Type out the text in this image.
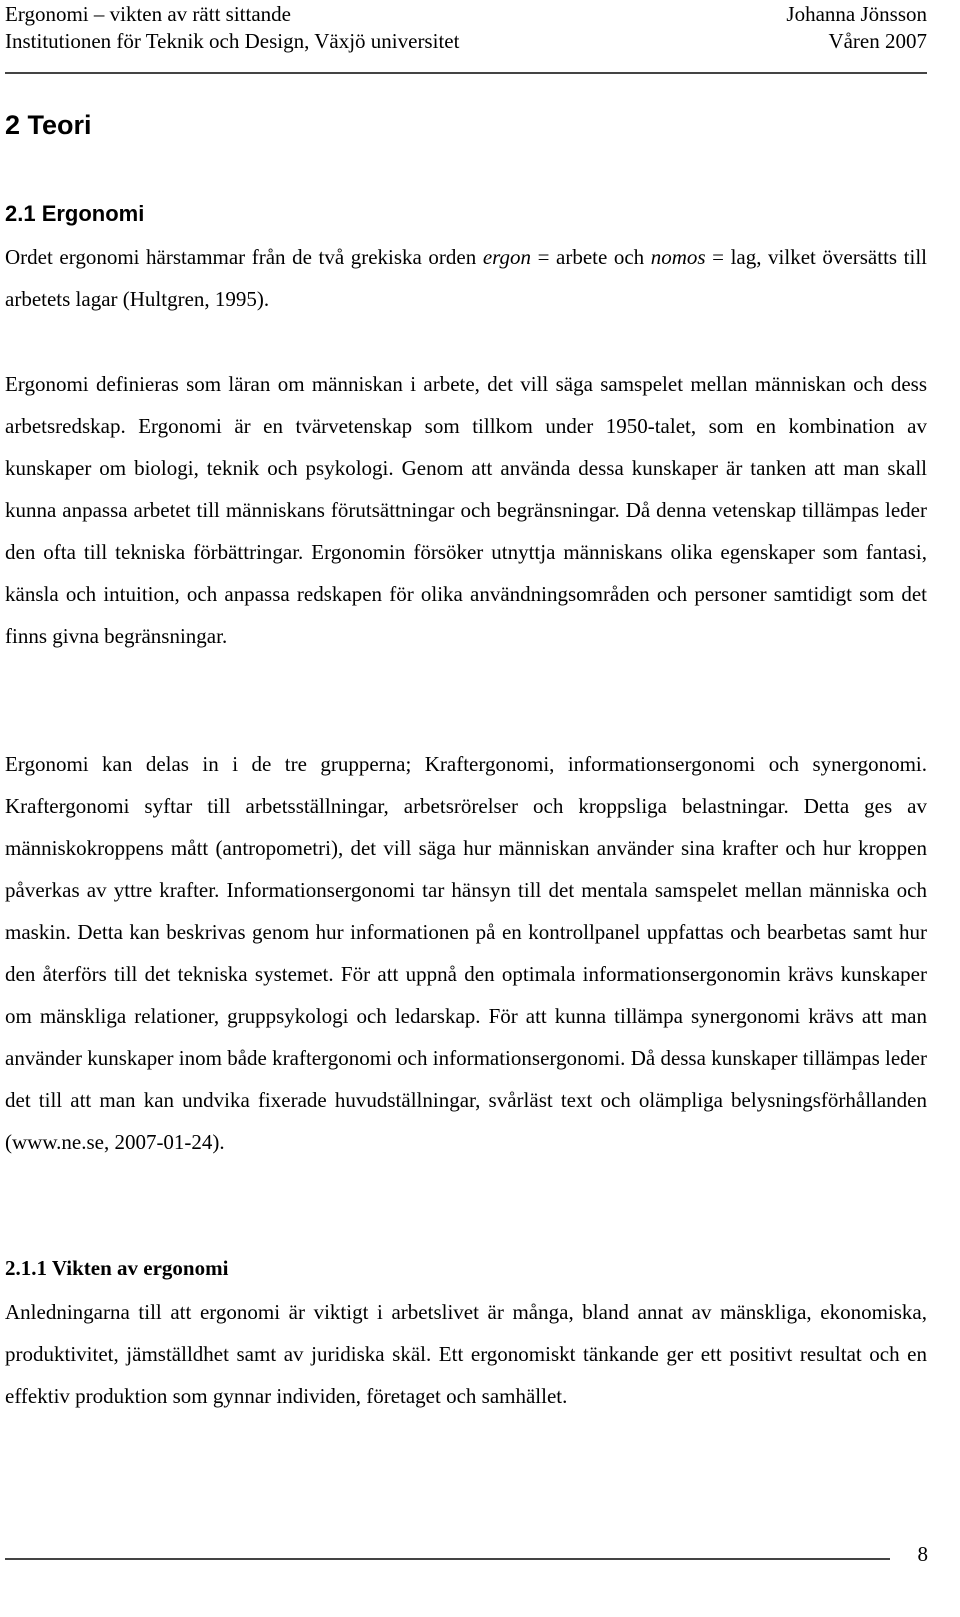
Ergonomi – vikten av rätt sittande	Johanna Jönsson
Institutionen för Teknik och Design, Växjö universitet	Våren 2007
2 Teori
2.1 Ergonomi

Ordet ergonomi härstammar från de två grekiska orden ergon = arbete och nomos = lag, vilket översätts till arbetets lagar (Hultgren, 1995).

Ergonomi definieras som läran om människan i arbete, det vill säga samspelet mellan människan och dess arbetsredskap. Ergonomi är en tvärvetenskap som tillkom under 1950-talet, som en kombination av kunskaper om biologi, teknik och psykologi. Genom att använda dessa kunskaper är tanken att man skall kunna anpassa arbetet till människans förutsättningar och begränsningar. Då denna vetenskap tillämpas leder den ofta till tekniska förbättringar. Ergonomin försöker utnyttja människans olika egenskaper som fantasi, känsla och intuition, och anpassa redskapen för olika användningsområden och personer samtidigt som det finns givna begränsningar.

Ergonomi kan delas in i de tre grupperna; Kraftergonomi, informationsergonomi och synergonomi. Kraftergonomi syftar till arbetsställningar, arbetsrörelser och kroppsliga belastningar. Detta ges av människokroppens mått (antropometri), det vill säga hur människan använder sina krafter och hur kroppen påverkas av yttre krafter. Informationsergonomi tar hänsyn till det mentala samspelet mellan människa och maskin. Detta kan beskrivas genom hur informationen på en kontrollpanel uppfattas och bearbetas samt hur den återförs till det tekniska systemet. För att uppnå den optimala informationsergonomin krävs kunskaper om mänskliga relationer, gruppsykologi och ledarskap. För att kunna tillämpa synergonomi krävs att man använder kunskaper inom både kraftergonomi och informationsergonomi. Då dessa kunskaper tillämpas leder det till att man kan undvika fixerade huvudställningar, svårläst text och olämpliga belysningsförhållanden (www.ne.se, 2007-01-24).

2.1.1 Vikten av ergonomi

Anledningarna till att ergonomi är viktigt i arbetslivet är många, bland annat av mänskliga, ekonomiska, produktivitet, jämställdhet samt av juridiska skäl. Ett ergonomiskt tänkande ger ett positivt resultat och en effektiv produktion som gynnar individen, företaget och samhället.

8
